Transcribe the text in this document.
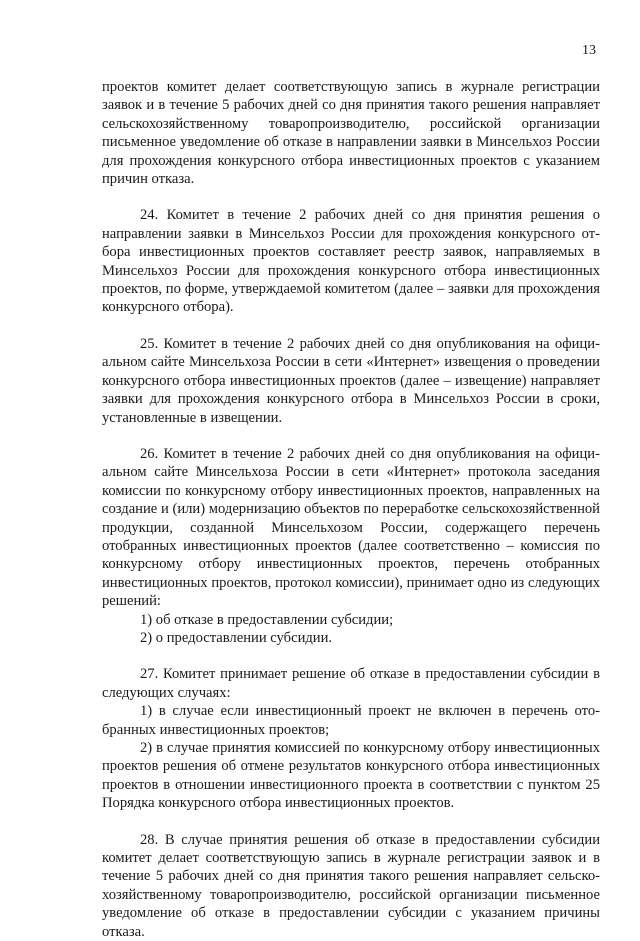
13

проектов комитет делает соответствующую запись в журнале регистрации заявок и в течение 5 рабочих дней со дня принятия такого решения направляет сельскохозяйственному товаропроизводителю, российской организации письменное уведомление об отказе в направлении заявки в Минсельхоз России для прохождения конкурсного отбора инвестиционных проектов с указанием причин отказа.

24. Комитет в течение 2 рабочих дней со дня принятия решения о направлении заявки в Минсельхоз России для прохождения конкурсного отбора инвестиционных проектов составляет реестр заявок, направляемых в Минсельхоз России для прохождения конкурсного отбора инвестиционных проектов, по форме, утверждаемой комитетом (далее – заявки для прохождения конкурсного отбора).

25. Комитет в течение 2 рабочих дней со дня опубликования на официальном сайте Минсельхоза России в сети «Интернет» извещения о проведении конкурсного отбора инвестиционных проектов (далее – извещение) направляет заявки для прохождения конкурсного отбора в Минсельхоз России в сроки, установленные в извещении.

26. Комитет в течение 2 рабочих дней со дня опубликования на официальном сайте Минсельхоза России в сети «Интернет» протокола заседания комиссии по конкурсному отбору инвестиционных проектов, направленных на создание и (или) модернизацию объектов по переработке сельскохозяйственной продукции, созданной Минсельхозом России, содержащего перечень отобранных инвестиционных проектов (далее соответственно – комиссия по конкурсному отбору инвестиционных проектов, перечень отобранных инвестиционных проектов, протокол комиссии), принимает одно из следующих решений:

1) об отказе в предоставлении субсидии;

2) о предоставлении субсидии.

27. Комитет принимает решение об отказе в предоставлении субсидии в следующих случаях:

1) в случае если инвестиционный проект не включен в перечень отобранных инвестиционных проектов;

2) в случае принятия комиссией по конкурсному отбору инвестиционных проектов решения об отмене результатов конкурсного отбора инвестиционных проектов в отношении инвестиционного проекта в соответствии с пунктом 25 Порядка конкурсного отбора инвестиционных проектов.

28. В случае принятия решения об отказе в предоставлении субсидии комитет делает соответствующую запись в журнале регистрации заявок и в течение 5 рабочих дней со дня принятия такого решения направляет сельскохозяйственному товаропроизводителю, российской организации письменное уведомление об отказе в предоставлении субсидии с указанием причины отказа.
